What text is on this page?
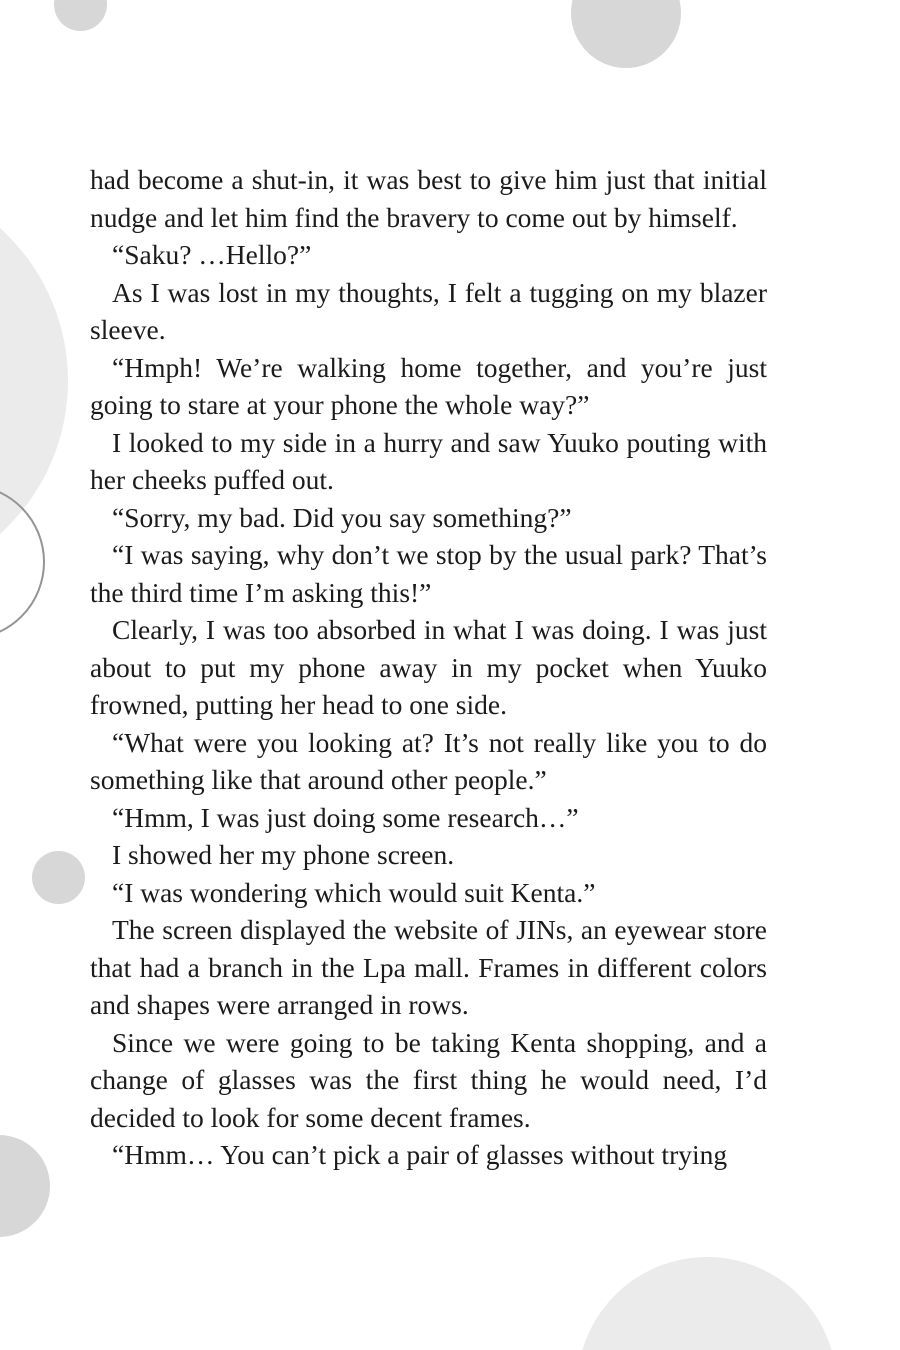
had become a shut-in, it was best to give him just that initial nudge and let him find the bravery to come out by himself.

“Saku? …Hello?”

As I was lost in my thoughts, I felt a tugging on my blazer sleeve.

“Hmph! We’re walking home together, and you’re just going to stare at your phone the whole way?”

I looked to my side in a hurry and saw Yuuko pouting with her cheeks puffed out.

“Sorry, my bad. Did you say something?”

“I was saying, why don’t we stop by the usual park? That’s the third time I’m asking this!”

Clearly, I was too absorbed in what I was doing. I was just about to put my phone away in my pocket when Yuuko frowned, putting her head to one side.

“What were you looking at? It’s not really like you to do something like that around other people.”

“Hmm, I was just doing some research…”

I showed her my phone screen.

“I was wondering which would suit Kenta.”

The screen displayed the website of JINs, an eyewear store that had a branch in the Lpa mall. Frames in different colors and shapes were arranged in rows.

Since we were going to be taking Kenta shopping, and a change of glasses was the first thing he would need, I’d decided to look for some decent frames.

“Hmm… You can’t pick a pair of glasses without trying
